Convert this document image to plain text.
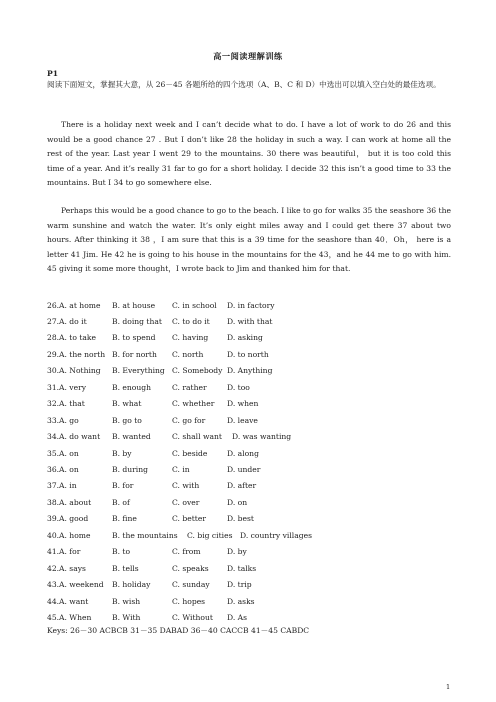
高一阅读理解训练
P1
阅读下面短文，掌握其大意，从 26－45 各题所给的四个选项（A、B、C 和 D）中选出可以填入空白处的最佳选项。
There is a holiday next week and I can’t decide what to do. I have a lot of work to do 26 and this would be a good chance 27 . But I don’t like 28 the holiday in such a way. I can work at home all the rest of the year. Last year I went 29 to the mountains. 30 there was beautiful， but it is too cold this time of a year. And it’s really 31 far to go for a short holiday. I decide 32 this isn’t a good time to 33 the mountains. But I 34 to go somewhere else.
Perhaps this would be a good chance to go to the beach. I like to go for walks 35 the seashore 36 the warm sunshine and watch the water. It’s only eight miles away and I could get there 37 about two hours. After thinking it 38 ，I am sure that this is a 39 time for the seashore than 40．Oh， here is a letter 41 Jim. He 42 he is going to his house in the mountains for the 43，and he 44 me to go with him. 45 giving it some more thought，I wrote back to Jim and thanked him for that.
26. A. at home B. at house C. in school D. in factory
27. A. do it	B. doing that C. to do it D. with that
28. A. to take B. to spend C. having D. asking
29. A. the north B. for north C. north	D. to north
30. A. Nothing B. Everything C. Somebody D. Anything
31. A. very	B. enough	C. rather	D. too
32. A. that	B. what	C. whether D. when
33. A. go	B. go to	C. go for	D. leave
34. A. do want B. wanted	C. shall want D. was wanting
35. A. on	B. by	C. beside	D. along
36. A. on	B. during	C. in	D. under
37. A. in	B. for	C. with	D. after
38. A. about	B. of	C. over	D. on
39. A. good	B. fine	C. better	D. best
40. A. home	B. the mountains C. big cities D. country villages
41. A. for	B. to	C. from	D. by
42. A. says	B. tells	C. speaks D. talks
43. A. weekend B. holiday	C. sunday D. trip
44. A. want	B. wish	C. hopes	D. asks
45. A. When	B. With	C. Without D. As
Keys: 26－30 ACBCB 31－35 DABAD 36－40 CACCB 41－45 CABDC
1
